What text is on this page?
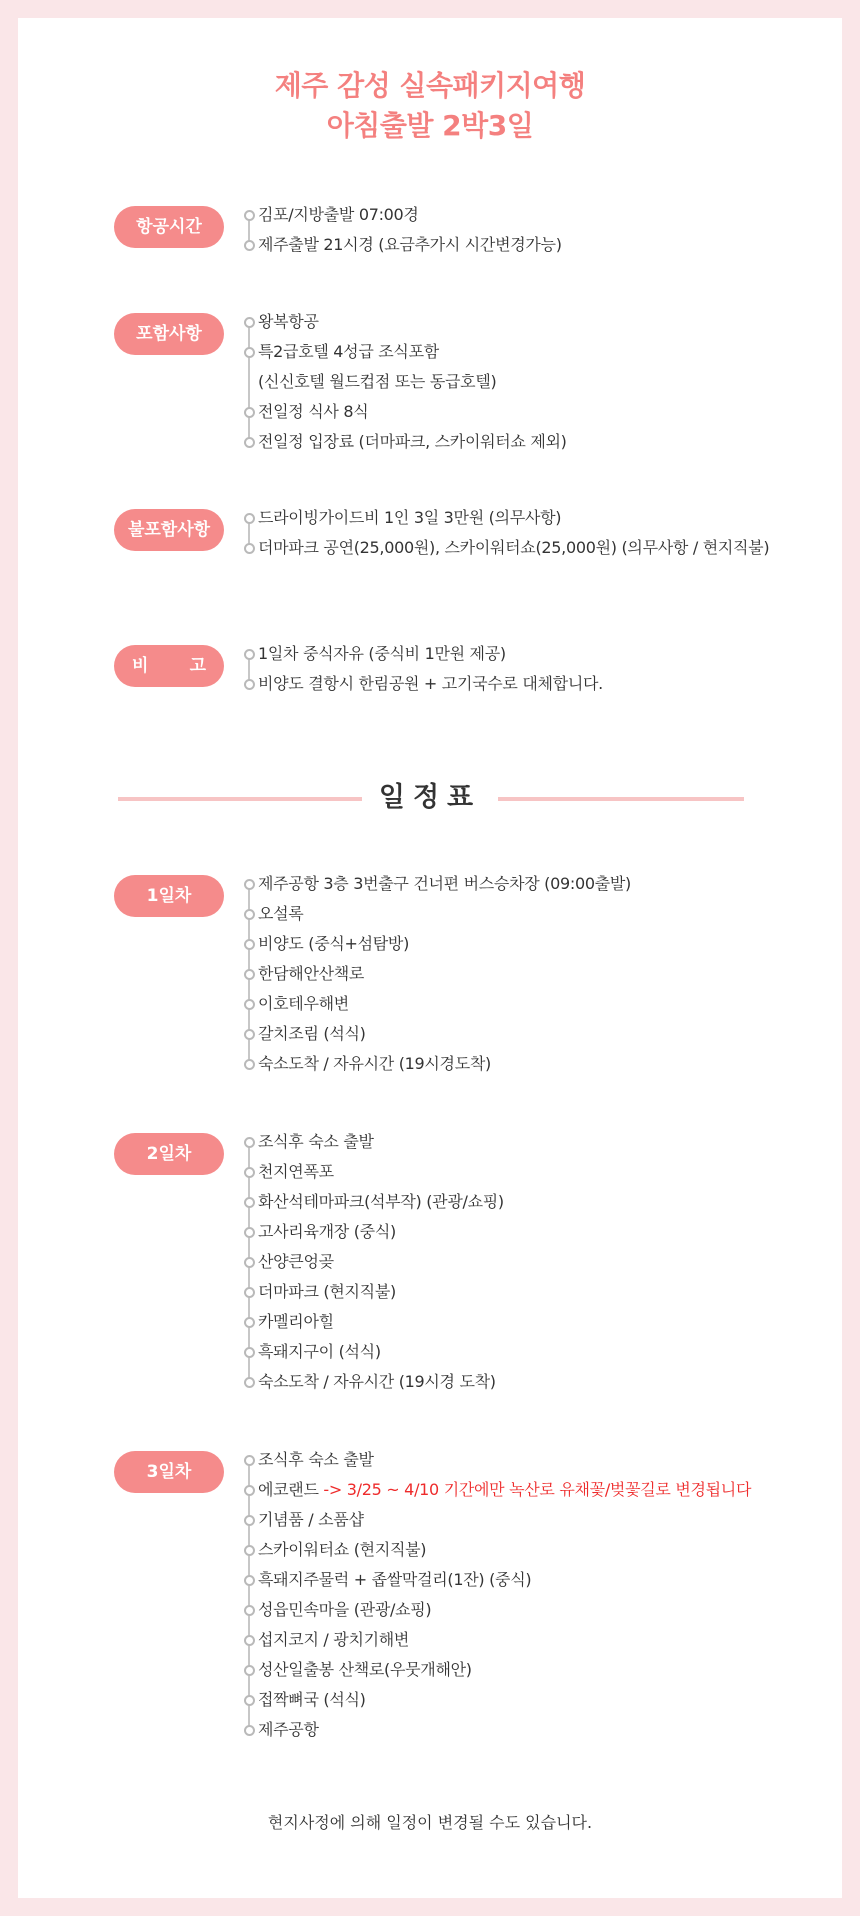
제주 감성 실속패키지여행
아침출발 2박3일
항공시간
김포/지방출발 07:00경
제주출발 21시경 (요금추가시 시간변경가능)
포함사항
왕복항공
특2급호텔 4성급 조식포함
(신신호텔 월드컵점 또는 동급호텔)
전일정 식사 8식
전일정 입장료 (더마파크, 스카이워터쇼 제외)
불포함사항
드라이빙가이드비 1인 3일 3만원 (의무사항)
더마파크 공연(25,000원), 스카이워터쇼(25,000원) (의무사항 / 현지직불)
비 고
1일차 중식자유 (중식비 1만원 제공)
비양도 결항시 한림공원 + 고기국수로 대체합니다.
일정표
1일차
제주공항 3층 3번출구 건너편 버스승차장 (09:00출발)
오설록
비양도 (중식+섬탐방)
한담해안산책로
이호테우해변
갈치조림 (석식)
숙소도착 / 자유시간 (19시경도착)
2일차
조식후 숙소 출발
천지연폭포
화산석테마파크(석부작) (관광/쇼핑)
고사리육개장 (중식)
산양큰엉곶
더마파크 (현지직불)
카멜리아힐
흑돼지구이 (석식)
숙소도착 / 자유시간 (19시경 도착)
3일차
조식후 숙소 출발
에코랜드 -> 3/25 ~ 4/10 기간에만 녹산로 유채꽃/벚꽃길로 변경됩니다
기념품 / 소품샵
스카이워터쇼 (현지직불)
흑돼지주물럭 + 좁쌀막걸리(1잔) (중식)
성읍민속마을 (관광/쇼핑)
섭지코지 / 광치기해변
성산일출봉 산책로(우뭇개해안)
접짝뼈국 (석식)
제주공항
현지사정에 의해 일정이 변경될 수도 있습니다.
